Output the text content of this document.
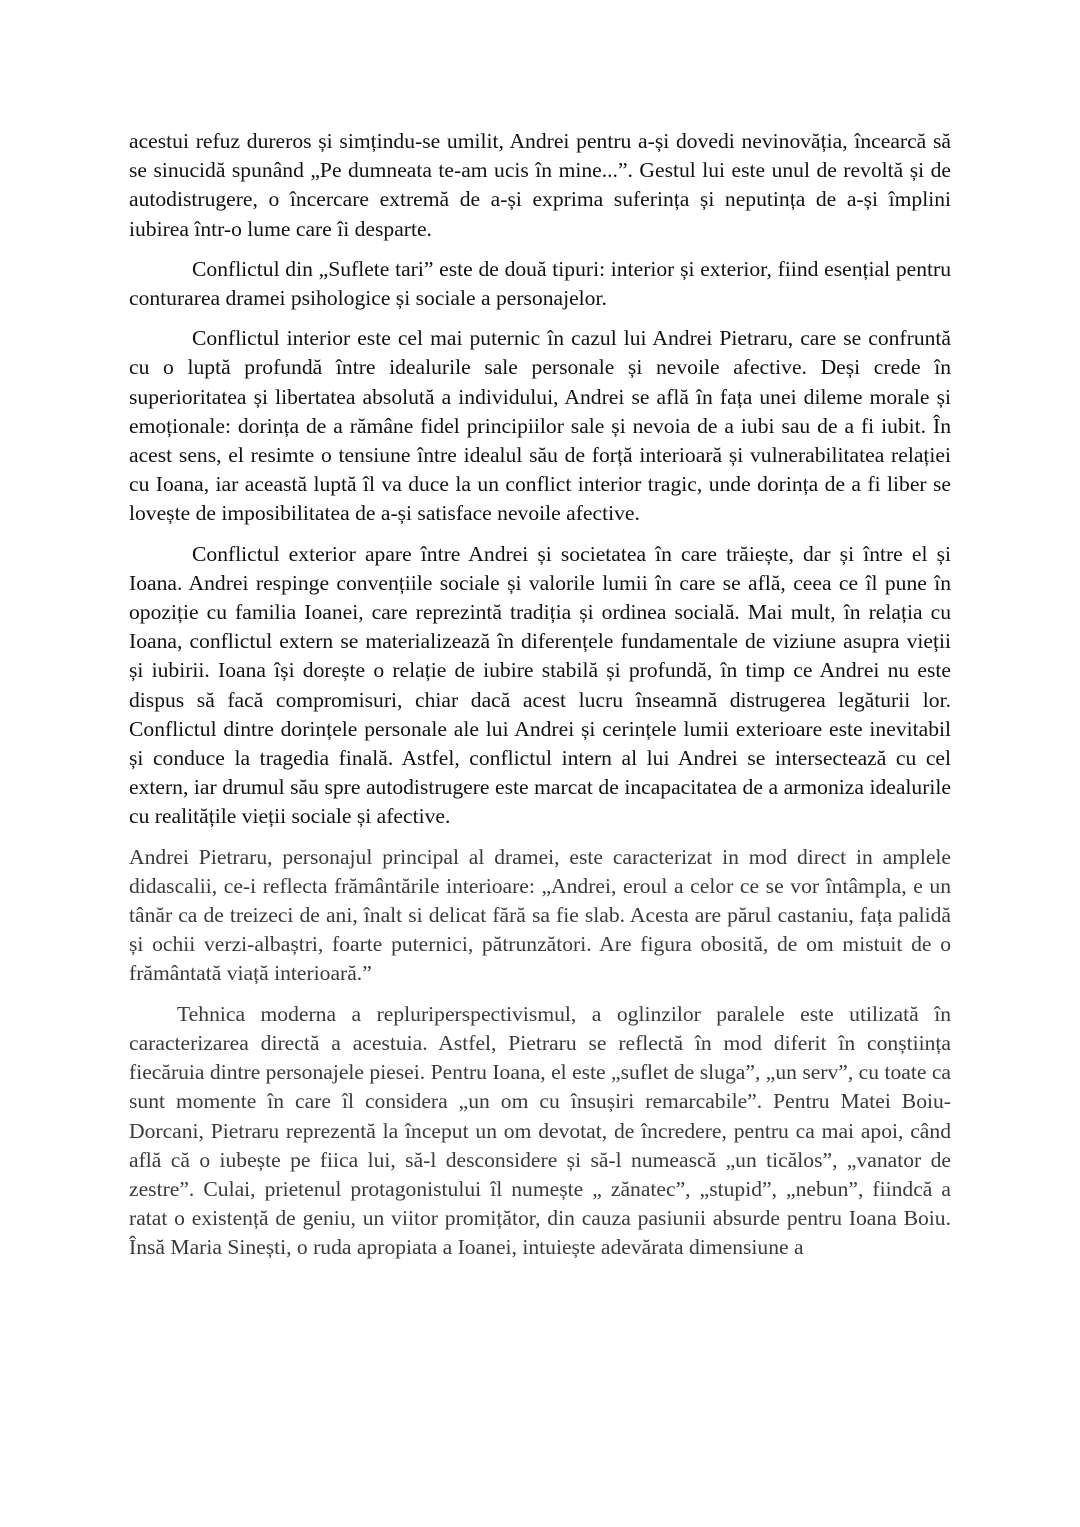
acestui refuz dureros și simțindu-se umilit, Andrei pentru a-și dovedi nevinovăția, încearcă să se sinucidă spunând „Pe dumneata te-am ucis în mine...”. Gestul lui este unul de revoltă și de autodistrugere, o încercare extremă de a-și exprima suferința și neputința de a-și împlini iubirea într-o lume care îi desparte.

Conflictul din „Suflete tari” este de două tipuri: interior și exterior, fiind esențial pentru conturarea dramei psihologice și sociale a personajelor.

Conflictul interior este cel mai puternic în cazul lui Andrei Pietraru, care se confruntă cu o luptă profundă între idealurile sale personale și nevoile afective. Deși crede în superioritatea și libertatea absolută a individului, Andrei se află în fața unei dileme morale și emoționale: dorința de a rămâne fidel principiilor sale și nevoia de a iubi sau de a fi iubit. În acest sens, el resimte o tensiune între idealul său de forță interioară și vulnerabilitatea relației cu Ioana, iar această luptă îl va duce la un conflict interior tragic, unde dorința de a fi liber se lovește de imposibilitatea de a-și satisface nevoile afective.

Conflictul exterior apare între Andrei și societatea în care trăiește, dar și între el și Ioana. Andrei respinge convențiile sociale și valorile lumii în care se află, ceea ce îl pune în opoziție cu familia Ioanei, care reprezintă tradiția și ordinea socială. Mai mult, în relația cu Ioana, conflictul extern se materializează în diferențele fundamentale de viziune asupra vieții și iubirii. Ioana își dorește o relație de iubire stabilă și profundă, în timp ce Andrei nu este dispus să facă compromisuri, chiar dacă acest lucru înseamnă distrugerea legăturii lor. Conflictul dintre dorințele personale ale lui Andrei și cerințele lumii exterioare este inevitabil și conduce la tragedia finală. Astfel, conflictul intern al lui Andrei se intersectează cu cel extern, iar drumul său spre autodistrugere este marcat de incapacitatea de a armoniza idealurile cu realitățile vieții sociale și afective.

Andrei Pietraru, personajul principal al dramei, este caracterizat in mod direct in amplele didascalii, ce-i reflecta frământările interioare: „Andrei, eroul a celor ce se vor întâmpla, e un tânăr ca de treizeci de ani, înalt si delicat fără sa fie slab. Acesta are părul castaniu, fața palidă și ochii verzi-albaștri, foarte puternici, pătrunzători. Are figura obosită, de om mistuit de o frământată viață interioară.”

Tehnica moderna a repluriperspectivismul, a oglinzilor paralele este utilizată în caracterizarea directă a acestuia. Astfel, Pietraru se reflectă în mod diferit în conștiința fiecăruia dintre personajele piesei. Pentru Ioana, el este „suflet de sluga”, „un serv”, cu toate ca sunt momente în care îl considera „un om cu însușiri remarcabile”. Pentru Matei Boiu-Dorcani, Pietraru reprezentă la început un om devotat, de încredere, pentru ca mai apoi, când află că o iubește pe fiica lui, să-l desconsidere și să-l numească „un ticălos”, „vanator de zestre”. Culai, prietenul protagonistului îl numește „ zănatec”, „stupid”, „nebun”, fiindcă a ratat o existență de geniu, un viitor promițător, din cauza pasiunii absurde pentru Ioana Boiu. Însă Maria Sinești, o ruda apropiata a Ioanei, intuiește adevărata dimensiune a
